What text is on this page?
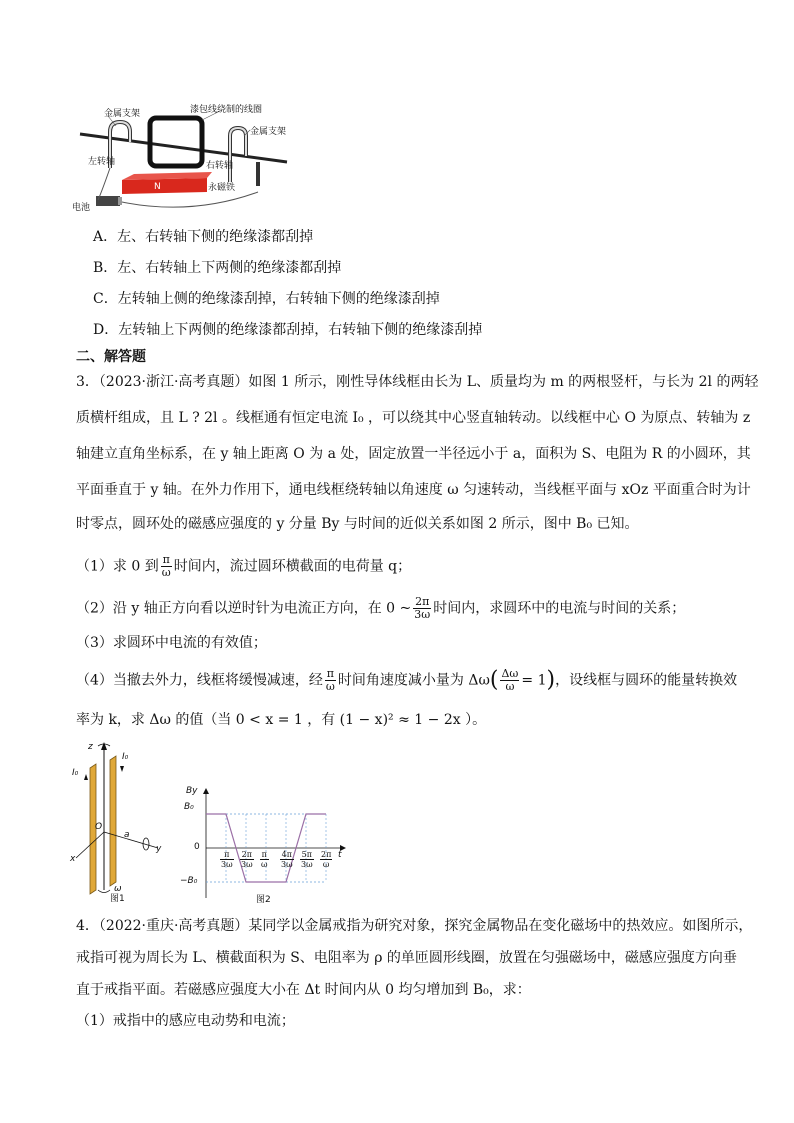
金属支架	漆包线绕制的线圈
金属支架
左转轴	右转轴
N	永磁铁
电池
A．左、右转轴下侧的绝缘漆都刮掉
B．左、右转轴上下两侧的绝缘漆都刮掉
C．左转轴上侧的绝缘漆刮掉，右转轴下侧的绝缘漆刮掉
D．左转轴上下两侧的绝缘漆都刮掉，右转轴下侧的绝缘漆刮掉
二、解答题
3．（2023·浙江·高考真题）如图 1 所示，刚性导体线框由长为 L、质量均为 m 的两根竖杆，与长为 2l 的两轻
质横杆组成，且 L ? 2l 。线框通有恒定电流 I₀ ，可以绕其中心竖直轴转动。以线框中心 O 为原点、转轴为 z
轴建立直角坐标系，在 y 轴上距离 O 为 a 处，固定放置一半径远小于 a，面积为 S、电阻为 R 的小圆环，其
平面垂直于 y 轴。在外力作用下，通电线框绕转轴以角速度 ω 匀速转动，当线框平面与 xOz 平面重合时为计
时零点，圆环处的磁感应强度的 y 分量 By 与时间的近似关系如图 2 所示，图中 B₀ 已知。
（1）求 0 到 $\frac{\pi}{\omega}$ 时间内，流过圆环横截面的电荷量 q；
（2）沿 y 轴正方向看以逆时针为电流正方向，在 0 ~ $\frac{2\pi}{3\omega}$ 时间内，求圆环中的电流与时间的关系；
（3）求圆环中电流的有效值；
（4）当撤去外力，线框将缓慢减速，经 $\frac{\pi}{\omega}$ 时间角速度减小量为 $\Delta\omega( \frac{\Delta\omega}{\omega} = 1)$，设线框与圆环的能量转换效
率为 k，求 Δω 的值（当 0 < x = 1 ，有 (1 − x)² ≈ 1 − 2x ）。
z
I₀
I₀
O
a
x
y
ω
图1
By
B₀
0
−B₀
t
$\frac{\pi}{3\omega} \frac{2\pi}{3\omega} \frac{\pi}{\omega} \frac{4\pi}{3\omega} \frac{5\pi}{3\omega} \frac{2\pi}{\omega}$
图2
4．（2022·重庆·高考真题）某同学以金属戒指为研究对象，探究金属物品在变化磁场中的热效应。如图所示，
戒指可视为周长为 L、横截面积为 S、电阻率为 ρ 的单匝圆形线圈，放置在匀强磁场中，磁感应强度方向垂
直于戒指平面。若磁感应强度大小在 Δt 时间内从 0 均匀增加到 B₀，求：
（1）戒指中的感应电动势和电流；
